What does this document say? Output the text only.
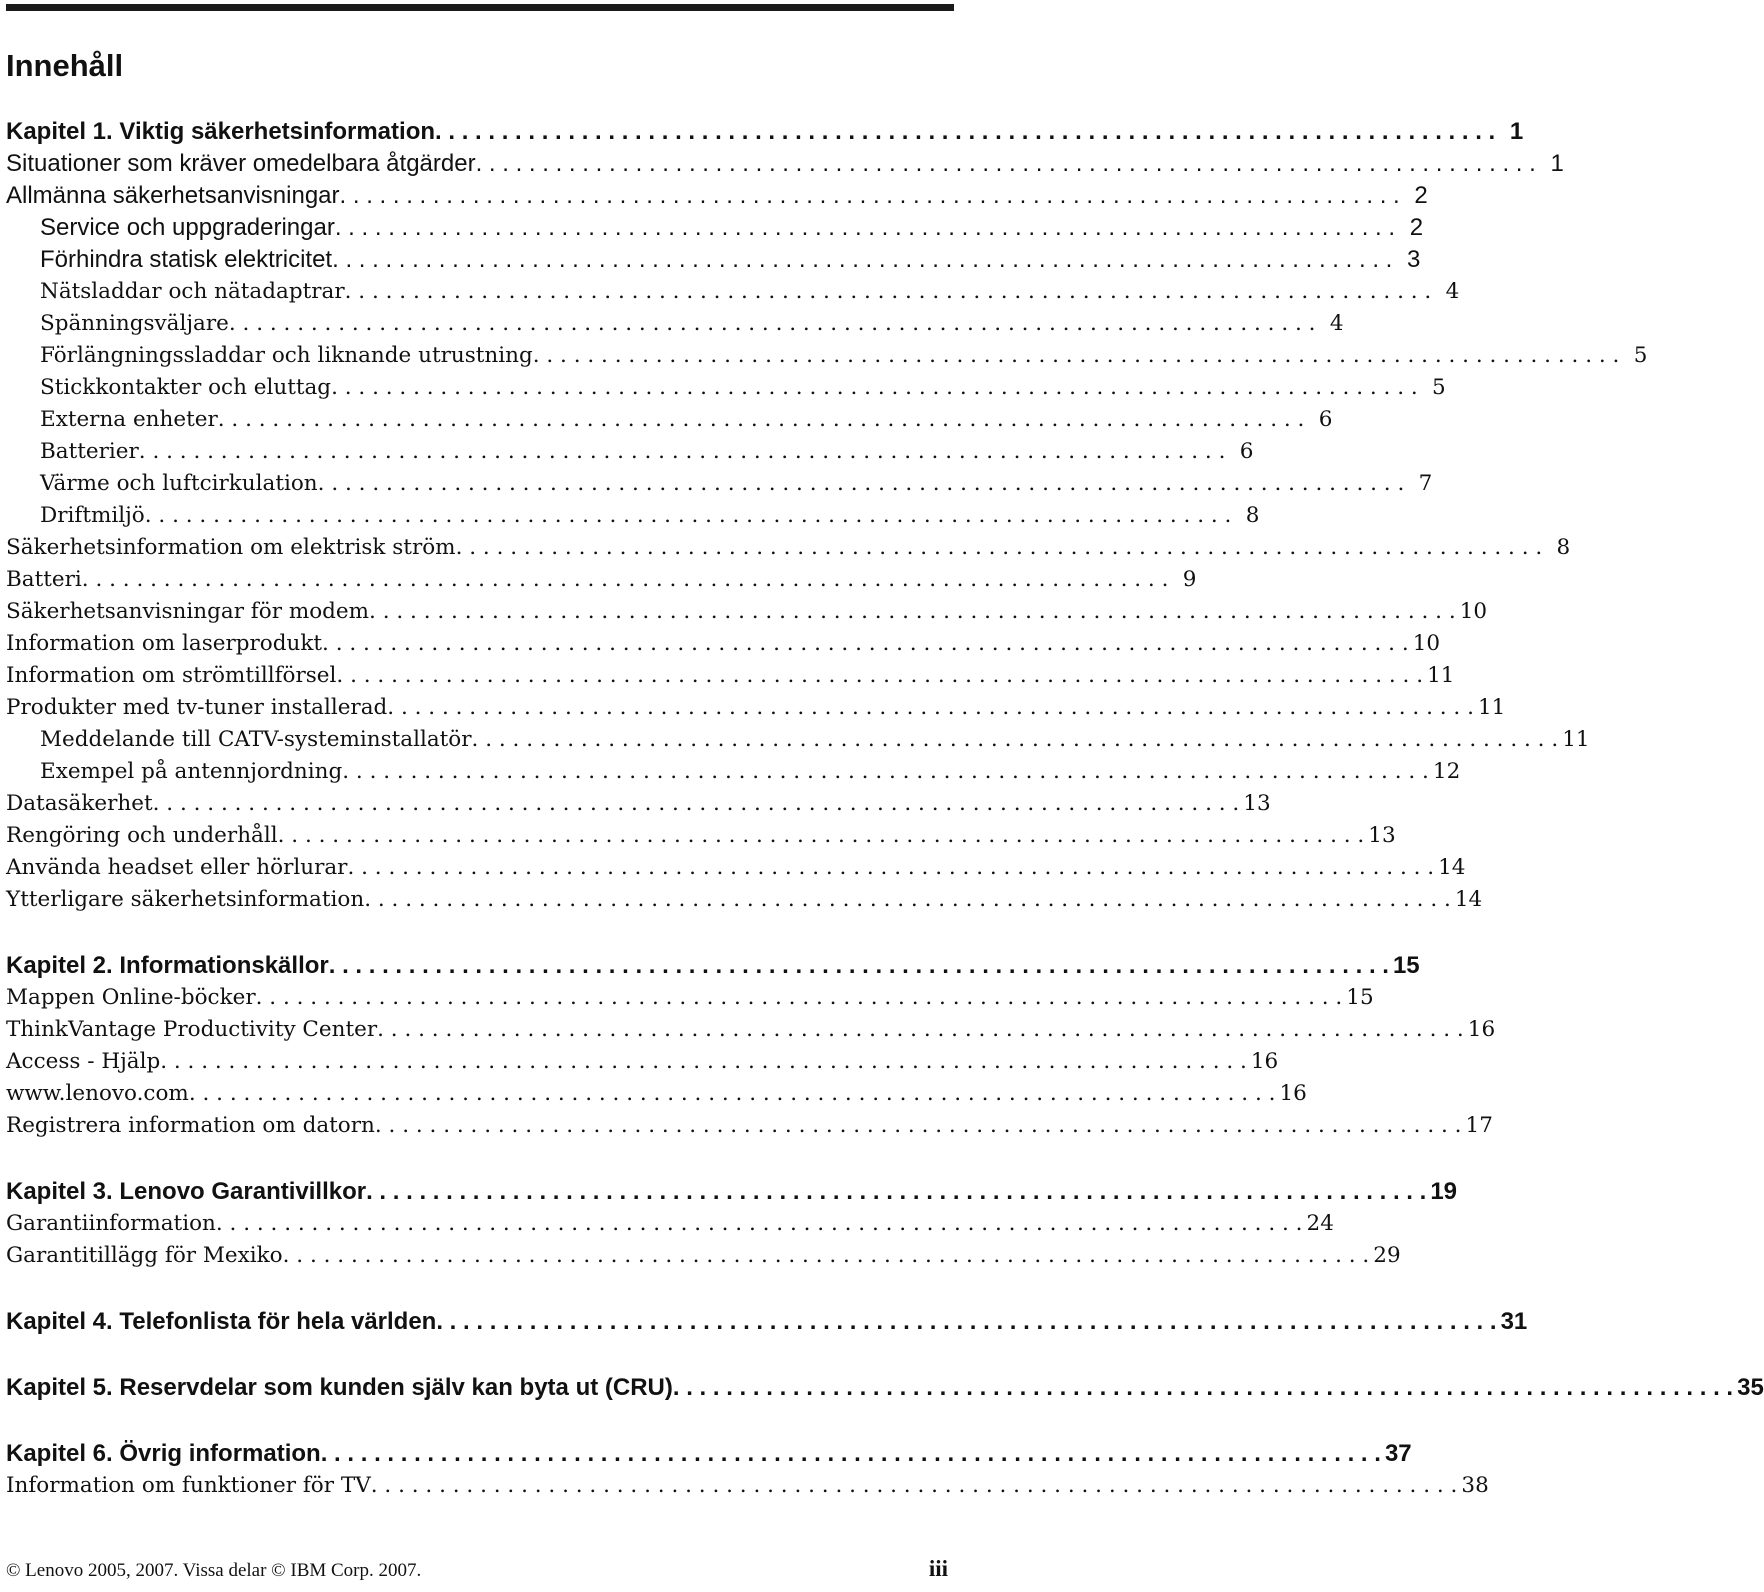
Innehåll
Kapitel 1. Viktig säkerhetsinformation . . . . . . . . . . . . . . . . . . . . . . . . . . . . . . . . . . . . . . . . . . . . . . . . . . . . . . . . . . . . . . . . . . . . . . . . . . . . . . . . 1
Situationer som kräver omedelbara åtgärder . . . . . . . . . . . . . . . . . . . . . . . . . . . . . . . . . . . . . . . . . . . . . . . . . . . . . . . . . . . . . . . . . . . . . . . . . . . . . . . . 1
Allmänna säkerhetsanvisningar . . . . . . . . . . . . . . . . . . . . . . . . . . . . . . . . . . . . . . . . . . . . . . . . . . . . . . . . . . . . . . . . . . . . . . . . . . . . . . . . 2
Service och uppgraderingar . . . . . . . . . . . . . . . . . . . . . . . . . . . . . . . . . . . . . . . . . . . . . . . . . . . . . . . . . . . . . . . . . . . . . . . . . . . . . . . . 2
Förhindra statisk elektricitet . . . . . . . . . . . . . . . . . . . . . . . . . . . . . . . . . . . . . . . . . . . . . . . . . . . . . . . . . . . . . . . . . . . . . . . . . . . . . . . . 3
Nätsladdar och nätadaptrar . . . . . . . . . . . . . . . . . . . . . . . . . . . . . . . . . . . . . . . . . . . . . . . . . . . . . . . . . . . . . . . . . . . . . . . . . . . . . . . . 4
Spänningsväljare . . . . . . . . . . . . . . . . . . . . . . . . . . . . . . . . . . . . . . . . . . . . . . . . . . . . . . . . . . . . . . . . . . . . . . . . . . . . . . . . 4
Förlängningssladdar och liknande utrustning . . . . . . . . . . . . . . . . . . . . . . . . . . . . . . . . . . . . . . . . . . . . . . . . . . . . . . . . . . . . . . . . . . . . . . . . . . . . . . . . 5
Stickkontakter och eluttag . . . . . . . . . . . . . . . . . . . . . . . . . . . . . . . . . . . . . . . . . . . . . . . . . . . . . . . . . . . . . . . . . . . . . . . . . . . . . . . . 5
Externa enheter . . . . . . . . . . . . . . . . . . . . . . . . . . . . . . . . . . . . . . . . . . . . . . . . . . . . . . . . . . . . . . . . . . . . . . . . . . . . . . . . 6
Batterier . . . . . . . . . . . . . . . . . . . . . . . . . . . . . . . . . . . . . . . . . . . . . . . . . . . . . . . . . . . . . . . . . . . . . . . . . . . . . . . . 6
Värme och luftcirkulation . . . . . . . . . . . . . . . . . . . . . . . . . . . . . . . . . . . . . . . . . . . . . . . . . . . . . . . . . . . . . . . . . . . . . . . . . . . . . . . . 7
Driftmiljö . . . . . . . . . . . . . . . . . . . . . . . . . . . . . . . . . . . . . . . . . . . . . . . . . . . . . . . . . . . . . . . . . . . . . . . . . . . . . . . . 8
Säkerhetsinformation om elektrisk ström . . . . . . . . . . . . . . . . . . . . . . . . . . . . . . . . . . . . . . . . . . . . . . . . . . . . . . . . . . . . . . . . . . . . . . . . . . . . . . . . 8
Batteri . . . . . . . . . . . . . . . . . . . . . . . . . . . . . . . . . . . . . . . . . . . . . . . . . . . . . . . . . . . . . . . . . . . . . . . . . . . . . . . . 9
Säkerhetsanvisningar för modem . . . . . . . . . . . . . . . . . . . . . . . . . . . . . . . . . . . . . . . . . . . . . . . . . . . . . . . . . . . . . . . . . . . . . . . . . . . . . . . . 10
Information om laserprodukt . . . . . . . . . . . . . . . . . . . . . . . . . . . . . . . . . . . . . . . . . . . . . . . . . . . . . . . . . . . . . . . . . . . . . . . . . . . . . . . . 10
Information om strömtillförsel . . . . . . . . . . . . . . . . . . . . . . . . . . . . . . . . . . . . . . . . . . . . . . . . . . . . . . . . . . . . . . . . . . . . . . . . . . . . . . . . 11
Produkter med tv-tuner installerad . . . . . . . . . . . . . . . . . . . . . . . . . . . . . . . . . . . . . . . . . . . . . . . . . . . . . . . . . . . . . . . . . . . . . . . . . . . . . . . . 11
Meddelande till CATV-systeminstallatör . . . . . . . . . . . . . . . . . . . . . . . . . . . . . . . . . . . . . . . . . . . . . . . . . . . . . . . . . . . . . . . . . . . . . . . . . . . . . . . . 11
Exempel på antennjordning . . . . . . . . . . . . . . . . . . . . . . . . . . . . . . . . . . . . . . . . . . . . . . . . . . . . . . . . . . . . . . . . . . . . . . . . . . . . . . . . 12
Datasäkerhet . . . . . . . . . . . . . . . . . . . . . . . . . . . . . . . . . . . . . . . . . . . . . . . . . . . . . . . . . . . . . . . . . . . . . . . . . . . . . . . . 13
Rengöring och underhåll . . . . . . . . . . . . . . . . . . . . . . . . . . . . . . . . . . . . . . . . . . . . . . . . . . . . . . . . . . . . . . . . . . . . . . . . . . . . . . . . 13
Använda headset eller hörlurar . . . . . . . . . . . . . . . . . . . . . . . . . . . . . . . . . . . . . . . . . . . . . . . . . . . . . . . . . . . . . . . . . . . . . . . . . . . . . . . . 14
Ytterligare säkerhetsinformation . . . . . . . . . . . . . . . . . . . . . . . . . . . . . . . . . . . . . . . . . . . . . . . . . . . . . . . . . . . . . . . . . . . . . . . . . . . . . . . . 14
Kapitel 2. Informationskällor . . . . . . . . . . . . . . . . . . . . . . . . . . . . . . . . . . . . . . . . . . . . . . . . . . . . . . . . . . . . . . . . . . . . . . . . . . . . . . . . 15
Mappen Online-böcker . . . . . . . . . . . . . . . . . . . . . . . . . . . . . . . . . . . . . . . . . . . . . . . . . . . . . . . . . . . . . . . . . . . . . . . . . . . . . . . . 15
ThinkVantage Productivity Center . . . . . . . . . . . . . . . . . . . . . . . . . . . . . . . . . . . . . . . . . . . . . . . . . . . . . . . . . . . . . . . . . . . . . . . . . . . . . . . . 16
Access - Hjälp . . . . . . . . . . . . . . . . . . . . . . . . . . . . . . . . . . . . . . . . . . . . . . . . . . . . . . . . . . . . . . . . . . . . . . . . . . . . . . . . 16
www.lenovo.com . . . . . . . . . . . . . . . . . . . . . . . . . . . . . . . . . . . . . . . . . . . . . . . . . . . . . . . . . . . . . . . . . . . . . . . . . . . . . . . . 16
Registrera information om datorn . . . . . . . . . . . . . . . . . . . . . . . . . . . . . . . . . . . . . . . . . . . . . . . . . . . . . . . . . . . . . . . . . . . . . . . . . . . . . . . . 17
Kapitel 3. Lenovo Garantivillkor . . . . . . . . . . . . . . . . . . . . . . . . . . . . . . . . . . . . . . . . . . . . . . . . . . . . . . . . . . . . . . . . . . . . . . . . . . . . . . . . 19
Garantiinformation . . . . . . . . . . . . . . . . . . . . . . . . . . . . . . . . . . . . . . . . . . . . . . . . . . . . . . . . . . . . . . . . . . . . . . . . . . . . . . . . 24
Garantitillägg för Mexiko . . . . . . . . . . . . . . . . . . . . . . . . . . . . . . . . . . . . . . . . . . . . . . . . . . . . . . . . . . . . . . . . . . . . . . . . . . . . . . . . 29
Kapitel 4. Telefonlista för hela världen . . . . . . . . . . . . . . . . . . . . . . . . . . . . . . . . . . . . . . . . . . . . . . . . . . . . . . . . . . . . . . . . . . . . . . . . . . . . . . . . 31
Kapitel 5. Reservdelar som kunden själv kan byta ut (CRU) . . . . . . . . . . . . . . . . . . . . . . . . . . . . . . . . . . . . . . . . . . . . . . . . . . . . . . . . . . . . . . . . . . . . . . . . . . . . . . . . 35
Kapitel 6. Övrig information . . . . . . . . . . . . . . . . . . . . . . . . . . . . . . . . . . . . . . . . . . . . . . . . . . . . . . . . . . . . . . . . . . . . . . . . . . . . . . . . 37
Information om funktioner för TV . . . . . . . . . . . . . . . . . . . . . . . . . . . . . . . . . . . . . . . . . . . . . . . . . . . . . . . . . . . . . . . . . . . . . . . . . . . . . . . . 38
© Lenovo 2005, 2007. Vissa delar © IBM Corp. 2007.	iii
